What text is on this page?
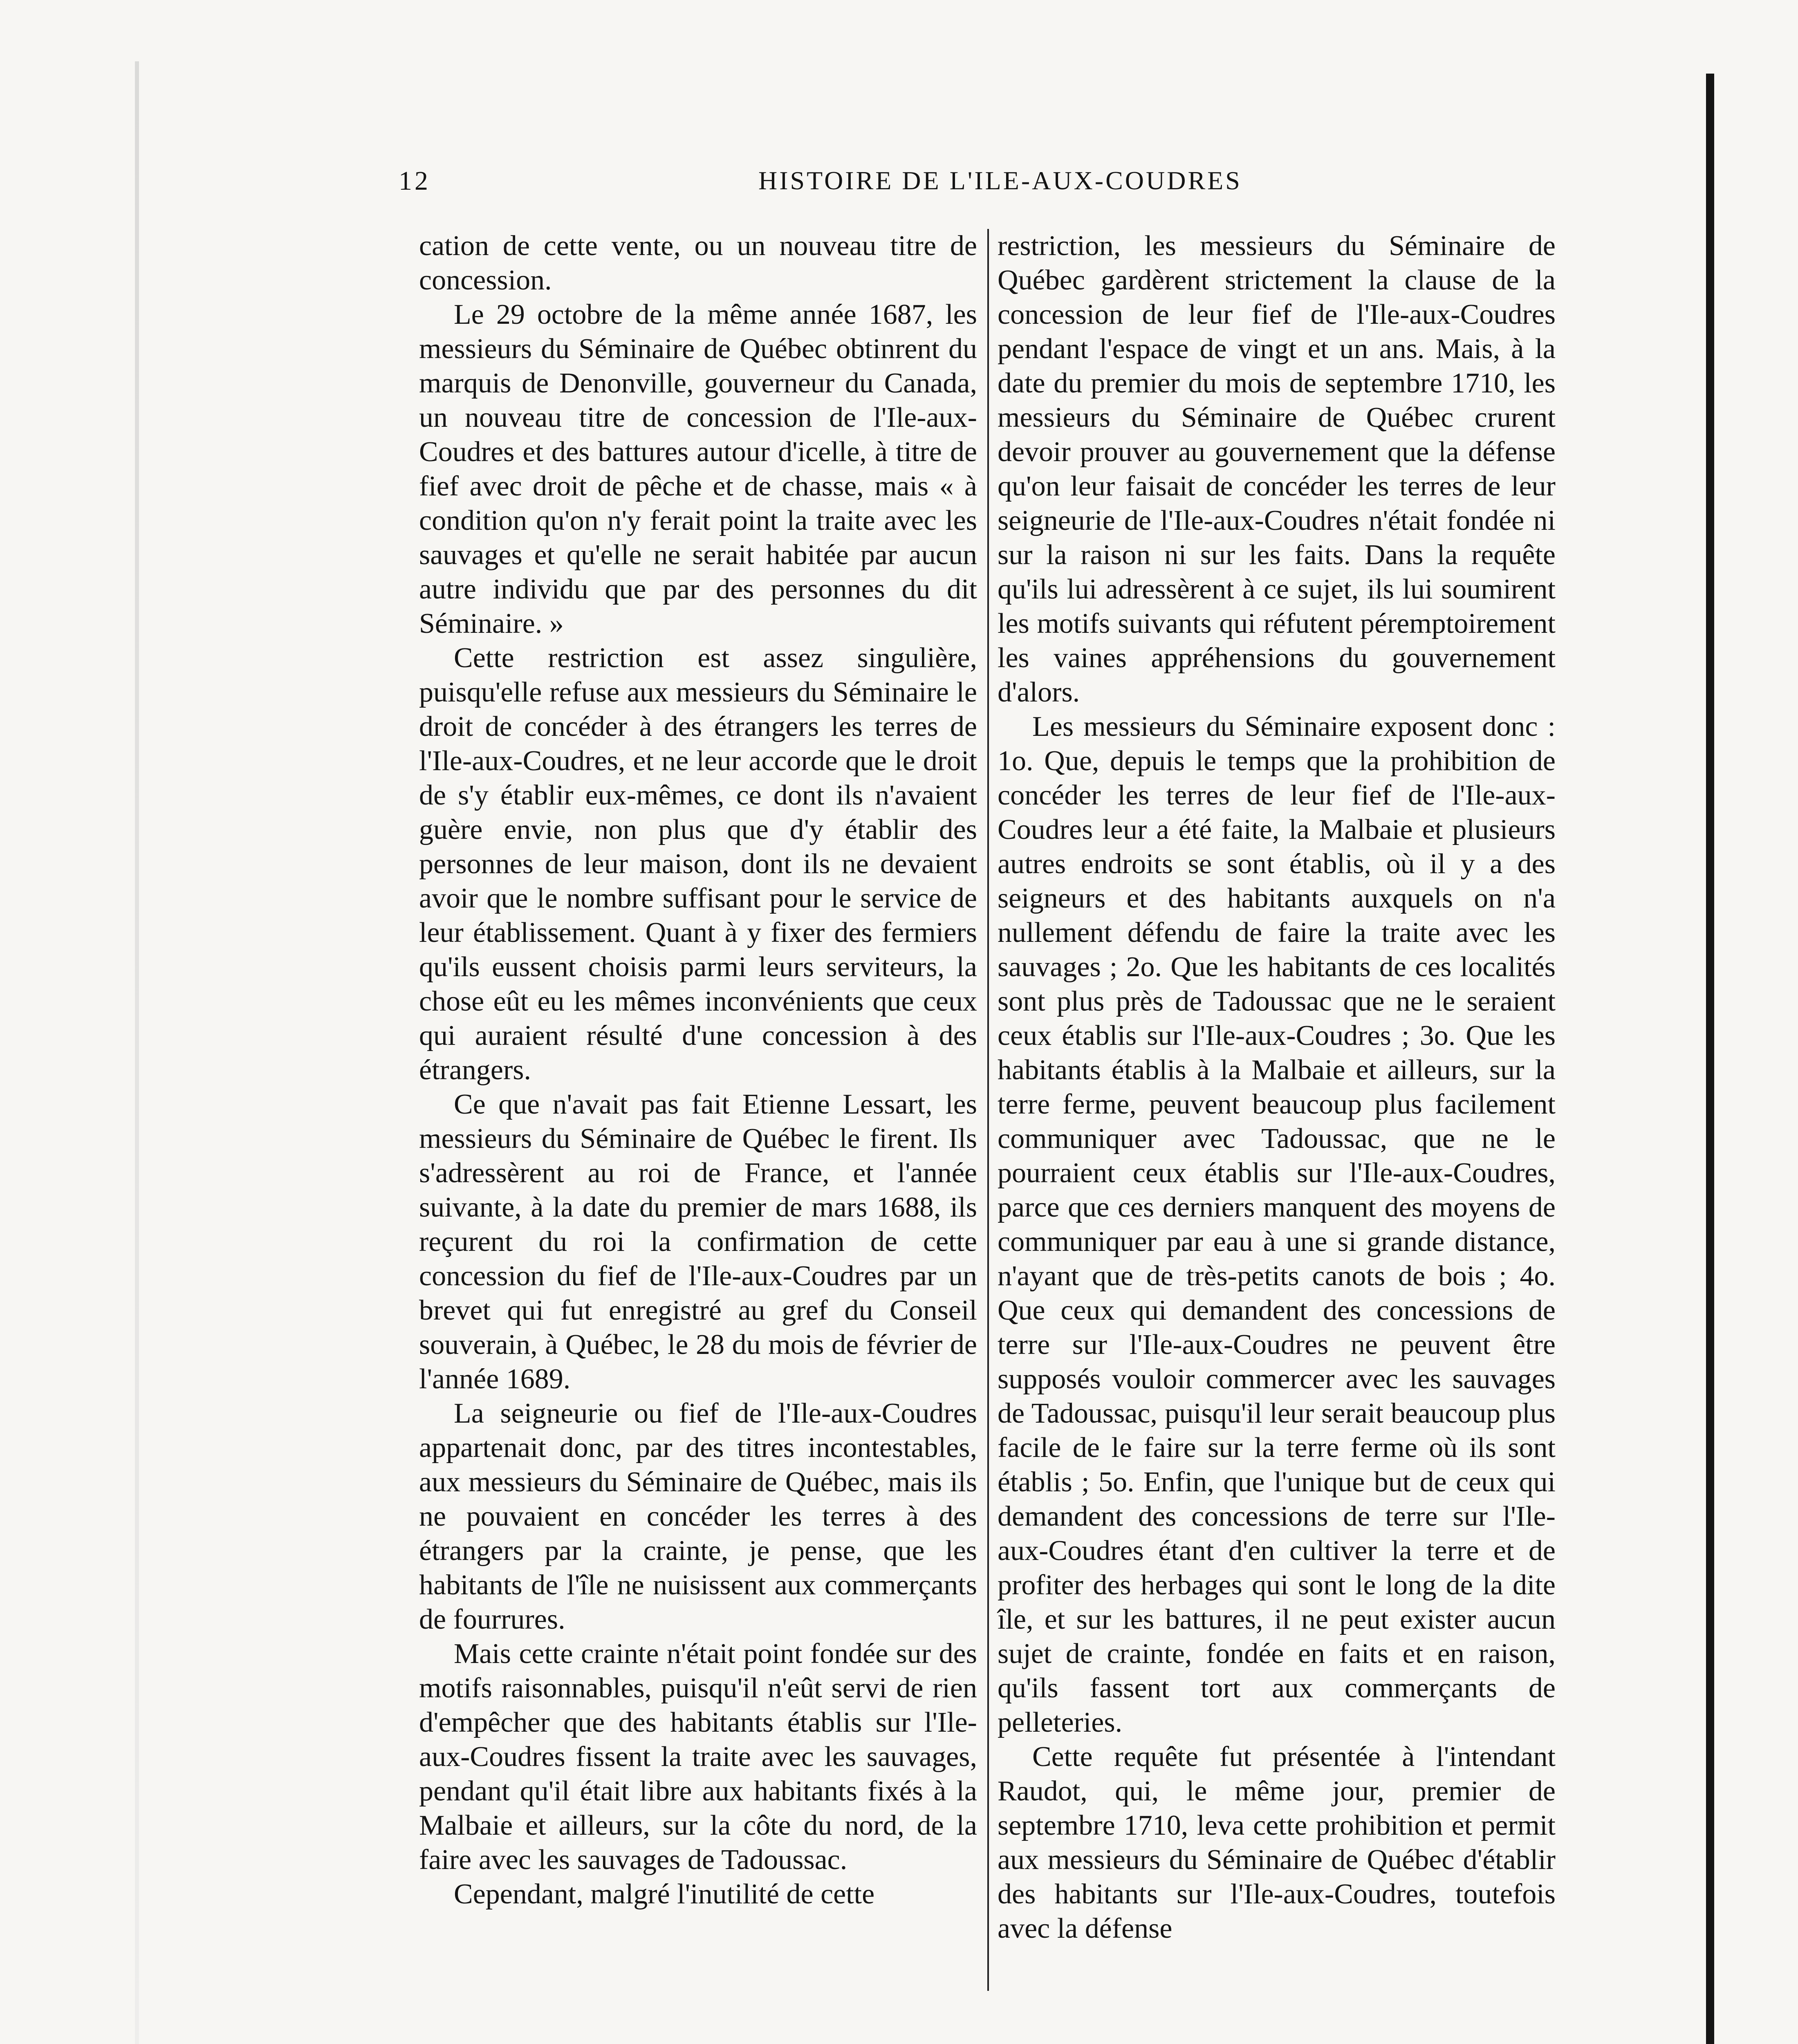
12	HISTOIRE DE L'ILE-AUX-COUDRES

cation de cette vente, ou un nouveau titre de concession.

Le 29 octobre de la même année 1687, les messieurs du Séminaire de Québec obtinrent du marquis de Denonville, gouverneur du Canada, un nouveau titre de concession de l'Ile-aux-Coudres et des battures autour d'icelle, à titre de fief avec droit de pêche et de chasse, mais « à condition qu'on n'y ferait point la traite avec les sauvages et qu'elle ne serait habitée par aucun autre individu que par des personnes du dit Séminaire. »

Cette restriction est assez singulière, puisqu'elle refuse aux messieurs du Séminaire le droit de concéder à des étrangers les terres de l'Ile-aux-Coudres, et ne leur accorde que le droit de s'y établir eux-mêmes, ce dont ils n'avaient guère envie, non plus que d'y établir des personnes de leur maison, dont ils ne devaient avoir que le nombre suffisant pour le service de leur établissement. Quant à y fixer des fermiers qu'ils eussent choisis parmi leurs serviteurs, la chose eût eu les mêmes inconvénients que ceux qui auraient résulté d'une concession à des étrangers.

Ce que n'avait pas fait Etienne Lessart, les messieurs du Séminaire de Québec le firent. Ils s'adressèrent au roi de France, et l'année suivante, à la date du premier de mars 1688, ils reçurent du roi la confirmation de cette concession du fief de l'Ile-aux-Coudres par un brevet qui fut enregistré au gref du Conseil souverain, à Québec, le 28 du mois de février de l'année 1689.

La seigneurie ou fief de l'Ile-aux-Coudres appartenait donc, par des titres incontestables, aux messieurs du Séminaire de Québec, mais ils ne pouvaient en concéder les terres à des étrangers par la crainte, je pense, que les habitants de l'île ne nuisissent aux commerçants de fourrures.

Mais cette crainte n'était point fondée sur des motifs raisonnables, puisqu'il n'eût servi de rien d'empêcher que des habitants établis sur l'Ile-aux-Coudres fissent la traite avec les sauvages, pendant qu'il était libre aux habitants fixés à la Malbaie et ailleurs, sur la côte du nord, de la faire avec les sauvages de Tadoussac.

Cependant, malgré l'inutilité de cette

restriction, les messieurs du Séminaire de Québec gardèrent strictement la clause de la concession de leur fief de l'Ile-aux-Coudres pendant l'espace de vingt et un ans. Mais, à la date du premier du mois de septembre 1710, les messieurs du Séminaire de Québec crurent devoir prouver au gouvernement que la défense qu'on leur faisait de concéder les terres de leur seigneurie de l'Ile-aux-Coudres n'était fondée ni sur la raison ni sur les faits. Dans la requête qu'ils lui adressèrent à ce sujet, ils lui soumirent les motifs suivants qui réfutent péremptoirement les vaines appréhensions du gouvernement d'alors.

Les messieurs du Séminaire exposent donc : 1o. Que, depuis le temps que la prohibition de concéder les terres de leur fief de l'Ile-aux-Coudres leur a été faite, la Malbaie et plusieurs autres endroits se sont établis, où il y a des seigneurs et des habitants auxquels on n'a nullement défendu de faire la traite avec les sauvages ; 2o. Que les habitants de ces localités sont plus près de Tadoussac que ne le seraient ceux établis sur l'Ile-aux-Coudres ; 3o. Que les habitants établis à la Malbaie et ailleurs, sur la terre ferme, peuvent beaucoup plus facilement communiquer avec Tadoussac, que ne le pourraient ceux établis sur l'Ile-aux-Coudres, parce que ces derniers manquent des moyens de communiquer par eau à une si grande distance, n'ayant que de très-petits canots de bois ; 4o. Que ceux qui demandent des concessions de terre sur l'Ile-aux-Coudres ne peuvent être supposés vouloir commercer avec les sauvages de Tadoussac, puisqu'il leur serait beaucoup plus facile de le faire sur la terre ferme où ils sont établis ; 5o. Enfin, que l'unique but de ceux qui demandent des concessions de terre sur l'Ile-aux-Coudres étant d'en cultiver la terre et de profiter des herbages qui sont le long de la dite île, et sur les battures, il ne peut exister aucun sujet de crainte, fondée en faits et en raison, qu'ils fassent tort aux commerçants de pelleteries.

Cette requête fut présentée à l'intendant Raudot, qui, le même jour, premier de septembre 1710, leva cette prohibition et permit aux messieurs du Séminaire de Québec d'établir des habitants sur l'Ile-aux-Coudres, toutefois avec la défense
